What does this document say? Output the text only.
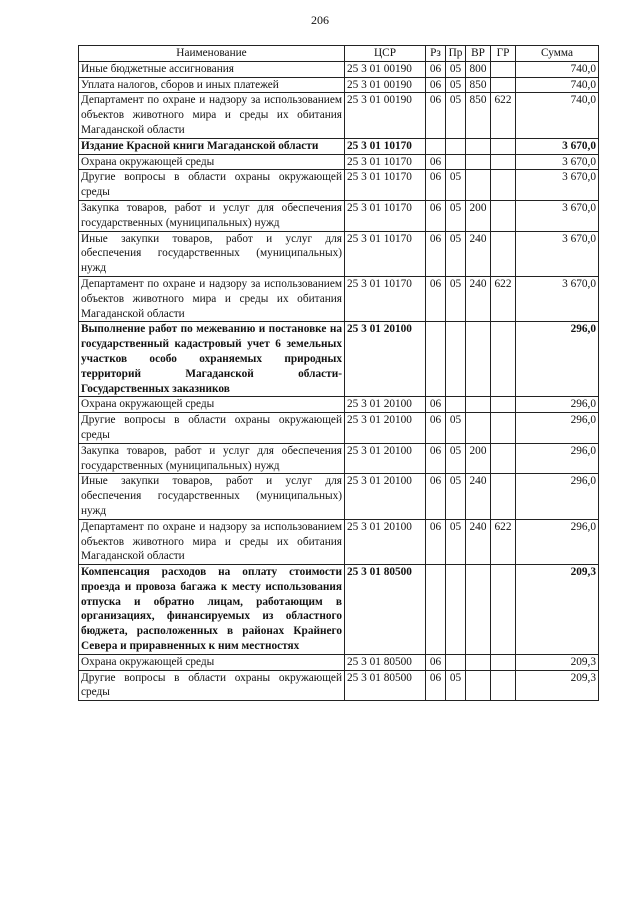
206
Наименование	ЦСР	Рз	Пр	ВР	ГР	Сумма
Иные бюджетные ассигнования	25 3 01 00190	06	05	800		740,0
Уплата налогов, сборов и иных платежей	25 3 01 00190	06	05	850		740,0
Департамент по охране и надзору за использованием объектов животного мира и среды их обитания Магаданской области	25 3 01 00190	06	05	850	622	740,0
Издание Красной книги Магаданской области	25 3 01 10170					3 670,0
Охрана окружающей среды	25 3 01 10170	06				3 670,0
Другие вопросы в области охраны окружающей среды	25 3 01 10170	06	05			3 670,0
Закупка товаров, работ и услуг для обеспечения государственных (муниципальных) нужд	25 3 01 10170	06	05	200		3 670,0
Иные закупки товаров, работ и услуг для обеспечения государственных (муниципальных) нужд	25 3 01 10170	06	05	240		3 670,0
Департамент по охране и надзору за использованием объектов животного мира и среды их обитания Магаданской области	25 3 01 10170	06	05	240	622	3 670,0
Выполнение работ по межеванию и постановке на государственный кадастровый учет 6 земельных участков особо охраняемых природных территорий Магаданской области-Государственных заказников	25 3 01 20100					296,0
Охрана окружающей среды	25 3 01 20100	06				296,0
Другие вопросы в области охраны окружающей среды	25 3 01 20100	06	05			296,0
Закупка товаров, работ и услуг для обеспечения государственных (муниципальных) нужд	25 3 01 20100	06	05	200		296,0
Иные закупки товаров, работ и услуг для обеспечения государственных (муниципальных) нужд	25 3 01 20100	06	05	240		296,0
Департамент по охране и надзору за использованием объектов животного мира и среды их обитания Магаданской области	25 3 01 20100	06	05	240	622	296,0
Компенсация расходов на оплату стоимости проезда и провоза багажа к месту использования отпуска и обратно лицам, работающим в организациях, финансируемых из областного бюджета, расположенных в районах Крайнего Севера и приравненных к ним местностях	25 3 01 80500					209,3
Охрана окружающей среды	25 3 01 80500	06				209,3
Другие вопросы в области охраны окружающей среды	25 3 01 80500	06	05			209,3
